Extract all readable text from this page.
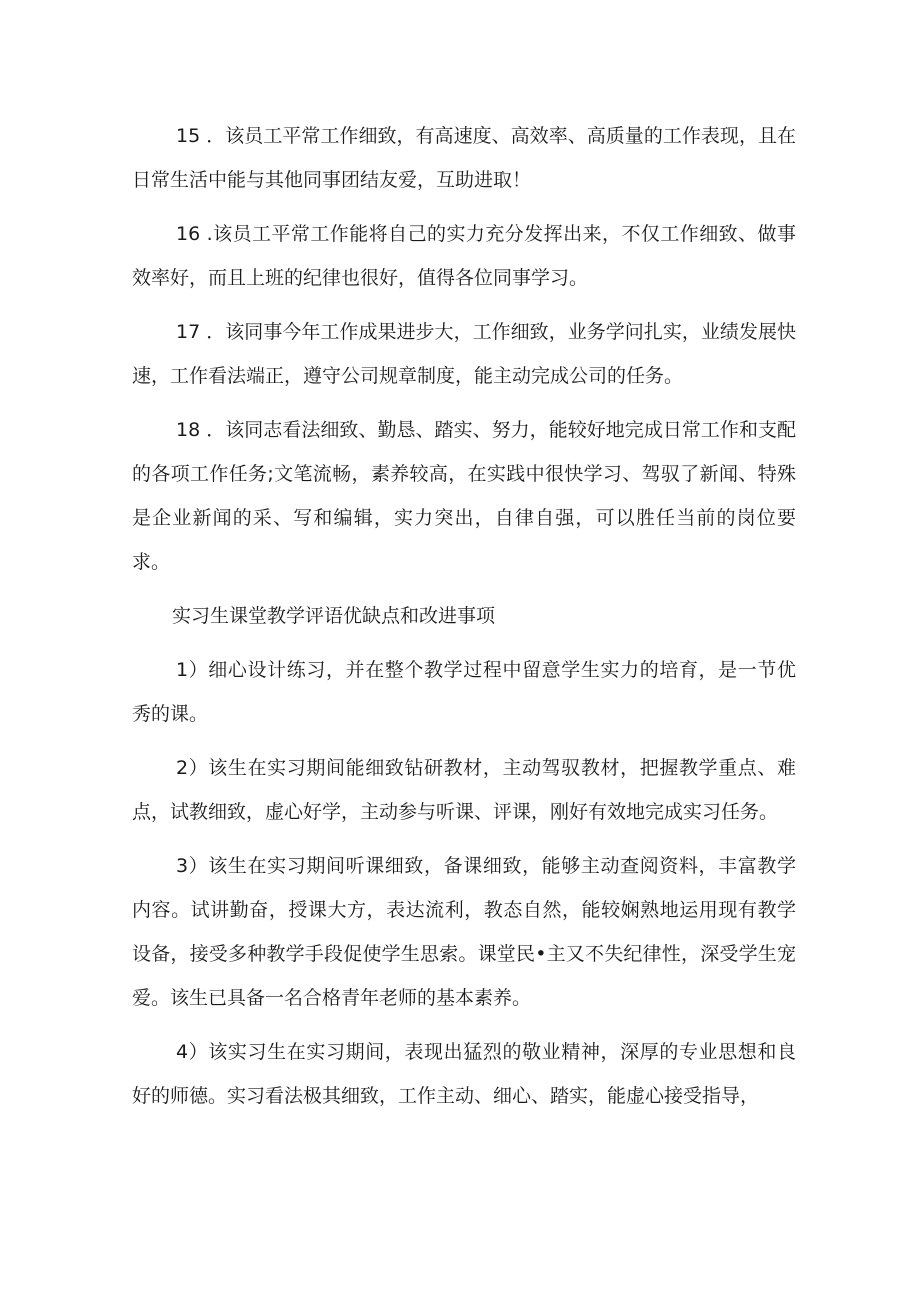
15 ．该员工平常工作细致，有高速度、高效率、高质量的工作表现，且在日常生活中能与其他同事团结友爱，互助进取！

16 .该员工平常工作能将自己的实力充分发挥出来，不仅工作细致、做事效率好，而且上班的纪律也很好，值得各位同事学习。

17 ．该同事今年工作成果进步大，工作细致，业务学问扎实，业绩发展快速，工作看法端正，遵守公司规章制度，能主动完成公司的任务。

18 ．该同志看法细致、勤恳、踏实、努力，能较好地完成日常工作和支配的各项工作任务;文笔流畅，素养较高，在实践中很快学习、驾驭了新闻、特殊是企业新闻的采、写和编辑，实力突出，自律自强，可以胜任当前的岗位要求。

实习生课堂教学评语优缺点和改进事项

1）细心设计练习，并在整个教学过程中留意学生实力的培育，是一节优秀的课。

2）该生在实习期间能细致钻研教材，主动驾驭教材，把握教学重点、难点，试教细致，虚心好学，主动参与听课、评课，刚好有效地完成实习任务。

3）该生在实习期间听课细致，备课细致，能够主动查阅资料，丰富教学内容。试讲勤奋，授课大方，表达流利，教态自然，能较娴熟地运用现有教学设备，接受多种教学手段促使学生思索。课堂民•主又不失纪律性，深受学生宠爱。该生已具备一名合格青年老师的基本素养。

4）该实习生在实习期间，表现出猛烈的敬业精神，深厚的专业思想和良好的师德。实习看法极其细致，工作主动、细心、踏实，能虚心接受指导，
